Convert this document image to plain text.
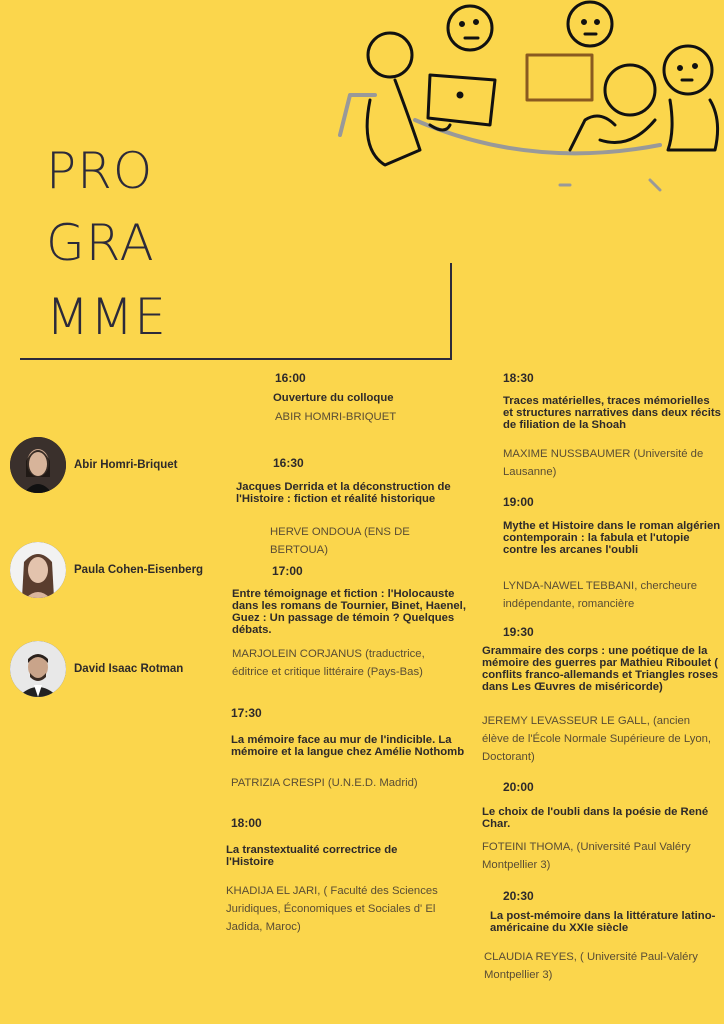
PRO
GRA
MME
Abir Homri-Briquet
Paula Cohen-Eisenberg
David Isaac Rotman
16:00
Ouverture du colloque
ABIR HOMRI-BRIQUET
16:30
Jacques Derrida et la déconstruction de l'Histoire : fiction et réalité historique
HERVE ONDOUA (ENS DE BERTOUA)
17:00
Entre témoignage et fiction : l'Holocauste dans les romans de Tournier, Binet, Haenel, Guez : Un passage de témoin ? Quelques débats.
MARJOLEIN CORJANUS (traductrice, éditrice et critique littéraire (Pays-Bas)
17:30
La mémoire face au mur de l'indicible. La mémoire et la langue chez Amélie Nothomb
PATRIZIA CRESPI (U.N.E.D. Madrid)
18:00
La transtextualité correctrice de l'Histoire
KHADIJA EL JARI, ( Faculté des Sciences Juridiques, Économiques et Sociales d' El Jadida, Maroc)
18:30
Traces matérielles, traces mémorielles et structures narratives dans deux récits de filiation de la Shoah
MAXIME NUSSBAUMER (Université de Lausanne)
19:00
Mythe et Histoire dans le roman algérien contemporain : la fabula et l'utopie contre les arcanes l'oubli
LYNDA-NAWEL TEBBANI, chercheure indépendante, romancière
19:30
Grammaire des corps : une poétique de la mémoire des guerres par Mathieu Riboulet ( conflits franco-allemands et Triangles roses dans Les Œuvres de miséricorde)
JEREMY LEVASSEUR LE GALL, (ancien élève de l'École Normale Supérieure de Lyon, Doctorant)
20:00
Le choix de l'oubli dans la poésie de René Char.
FOTEINI THOMA, (Université Paul Valéry Montpellier 3)
20:30
La post-mémoire dans la littérature latino-américaine du XXIe siècle
CLAUDIA REYES, ( Université Paul-Valéry Montpellier 3)
